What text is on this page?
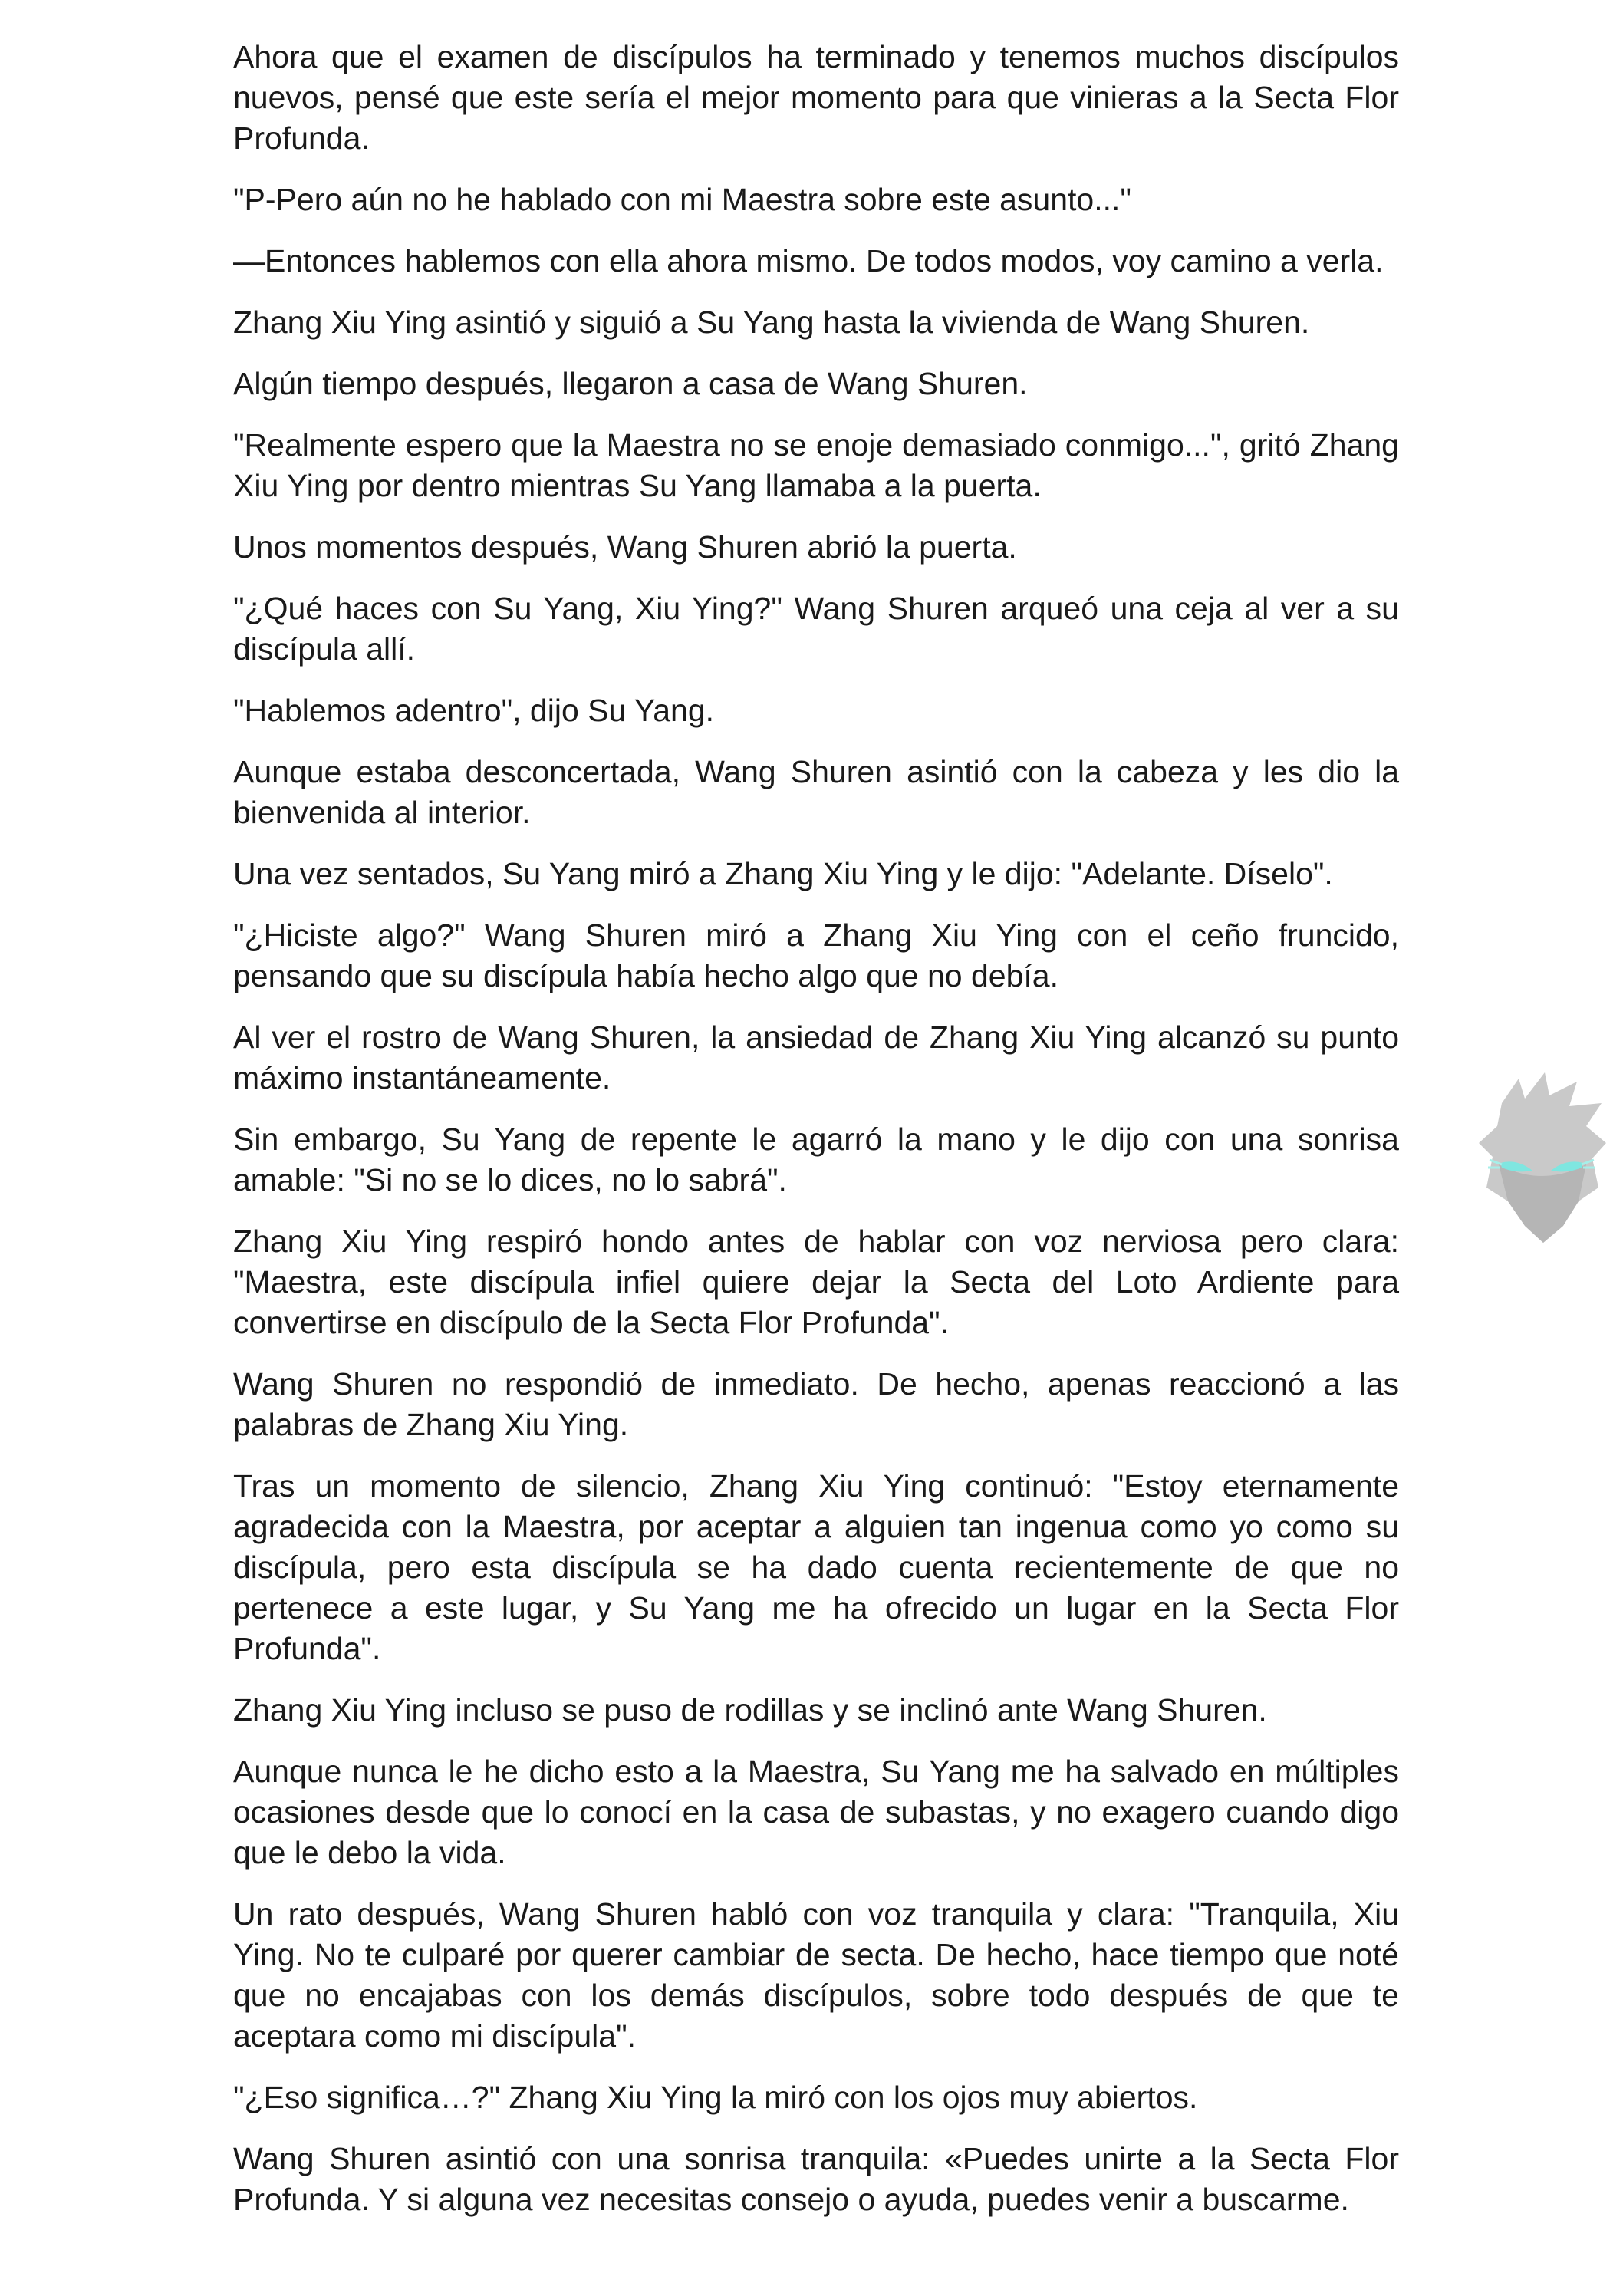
Ahora que el examen de discípulos ha terminado y tenemos muchos discípulos nuevos, pensé que este sería el mejor momento para que vinieras a la Secta Flor Profunda.

"P-Pero aún no he hablado con mi Maestra sobre este asunto..."

—Entonces hablemos con ella ahora mismo. De todos modos, voy camino a verla.

Zhang Xiu Ying asintió y siguió a Su Yang hasta la vivienda de Wang Shuren.

Algún tiempo después, llegaron a casa de Wang Shuren.

"Realmente espero que la Maestra no se enoje demasiado conmigo...", gritó Zhang Xiu Ying por dentro mientras Su Yang llamaba a la puerta.

Unos momentos después, Wang Shuren abrió la puerta.

"¿Qué haces con Su Yang, Xiu Ying?" Wang Shuren arqueó una ceja al ver a su discípula allí.

"Hablemos adentro", dijo Su Yang.

Aunque estaba desconcertada, Wang Shuren asintió con la cabeza y les dio la bienvenida al interior.

Una vez sentados, Su Yang miró a Zhang Xiu Ying y le dijo: "Adelante. Díselo".

"¿Hiciste algo?" Wang Shuren miró a Zhang Xiu Ying con el ceño fruncido, pensando que su discípula había hecho algo que no debía.

Al ver el rostro de Wang Shuren, la ansiedad de Zhang Xiu Ying alcanzó su punto máximo instantáneamente.

Sin embargo, Su Yang de repente le agarró la mano y le dijo con una sonrisa amable: "Si no se lo dices, no lo sabrá".

Zhang Xiu Ying respiró hondo antes de hablar con voz nerviosa pero clara: "Maestra, este discípula infiel quiere dejar la Secta del Loto Ardiente para convertirse en discípulo de la Secta Flor Profunda".

Wang Shuren no respondió de inmediato. De hecho, apenas reaccionó a las palabras de Zhang Xiu Ying.

Tras un momento de silencio, Zhang Xiu Ying continuó: "Estoy eternamente agradecida con la Maestra, por aceptar a alguien tan ingenua como yo como su discípula, pero esta discípula se ha dado cuenta recientemente de que no pertenece a este lugar, y Su Yang me ha ofrecido un lugar en la Secta Flor Profunda".

Zhang Xiu Ying incluso se puso de rodillas y se inclinó ante Wang Shuren.

Aunque nunca le he dicho esto a la Maestra, Su Yang me ha salvado en múltiples ocasiones desde que lo conocí en la casa de subastas, y no exagero cuando digo que le debo la vida.

Un rato después, Wang Shuren habló con voz tranquila y clara: "Tranquila, Xiu Ying. No te culparé por querer cambiar de secta. De hecho, hace tiempo que noté que no encajabas con los demás discípulos, sobre todo después de que te aceptara como mi discípula".

"¿Eso significa…?" Zhang Xiu Ying la miró con los ojos muy abiertos.

Wang Shuren asintió con una sonrisa tranquila: «Puedes unirte a la Secta Flor Profunda. Y si alguna vez necesitas consejo o ayuda, puedes venir a buscarme.
